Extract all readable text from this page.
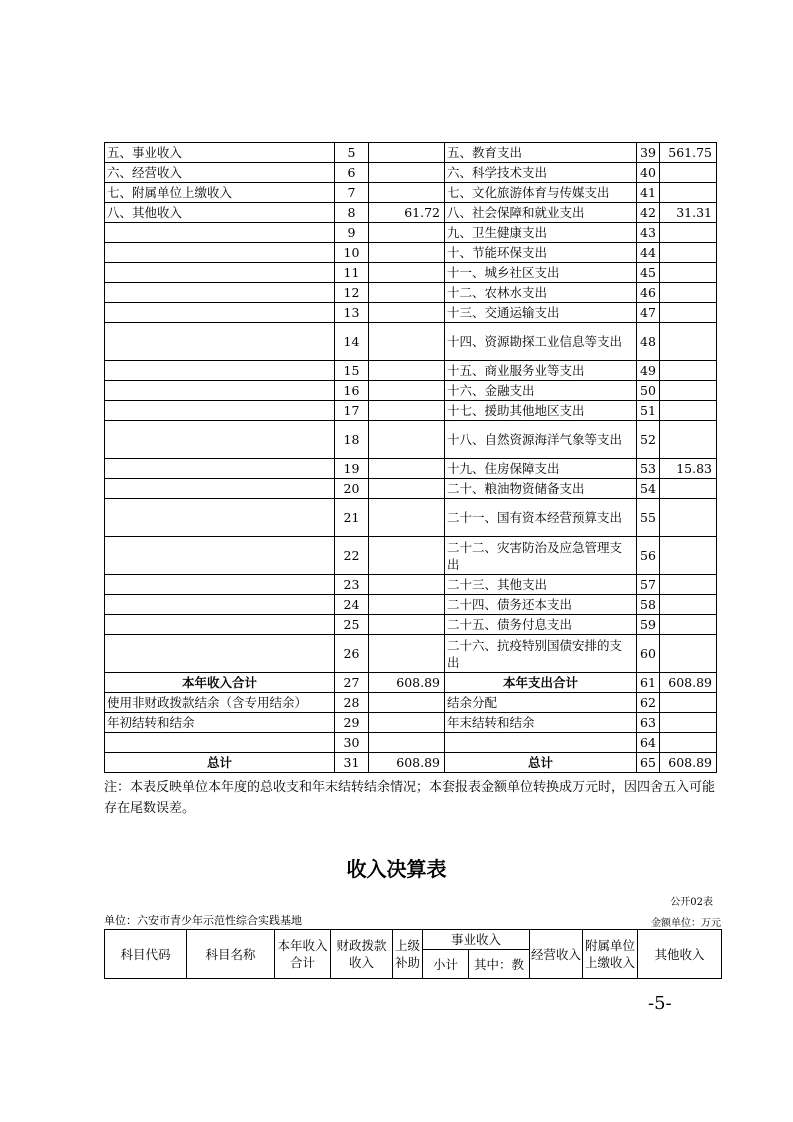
五、事业收入	5		五、教育支出	39	561.75
六、经营收入	6		六、科学技术支出	40	
七、附属单位上缴收入	7		七、文化旅游体育与传媒支出	41	
八、其他收入	8	61.72	八、社会保障和就业支出	42	31.31
	9		九、卫生健康支出	43	
	10		十、节能环保支出	44	
	11		十一、城乡社区支出	45	
	12		十二、农林水支出	46	
	13		十三、交通运输支出	47	
	14		十四、资源勘探工业信息等支出	48	
	15		十五、商业服务业等支出	49	
	16		十六、金融支出	50	
	17		十七、援助其他地区支出	51	
	18		十八、自然资源海洋气象等支出	52	
	19		十九、住房保障支出	53	15.83
	20		二十、粮油物资储备支出	54	
	21		二十一、国有资本经营预算支出	55	
	22		二十二、灾害防治及应急管理支出	56	
	23		二十三、其他支出	57	
	24		二十四、债务还本支出	58	
	25		二十五、债务付息支出	59	
	26		二十六、抗疫特别国债安排的支出	60	
本年收入合计	27	608.89	本年支出合计	61	608.89
使用非财政拨款结余（含专用结余）	28		结余分配	62	
年初结转和结余	29		年末结转和结余	63	
	30			64	
总计	31	608.89	总计	65	608.89
注：本表反映单位本年度的总收支和年末结转结余情况；本套报表金额单位转换成万元时，因四舍五入可能存在尾数误差。
收入决算表
公开02表
单位：六安市青少年示范性综合实践基地	金额单位：万元
科目代码	科目名称	本年收入合计	财政拨款收入	上级补助	事业收入		经营收入	附属单位上缴收入	其他收入
					小计	其中：教			
-5-
